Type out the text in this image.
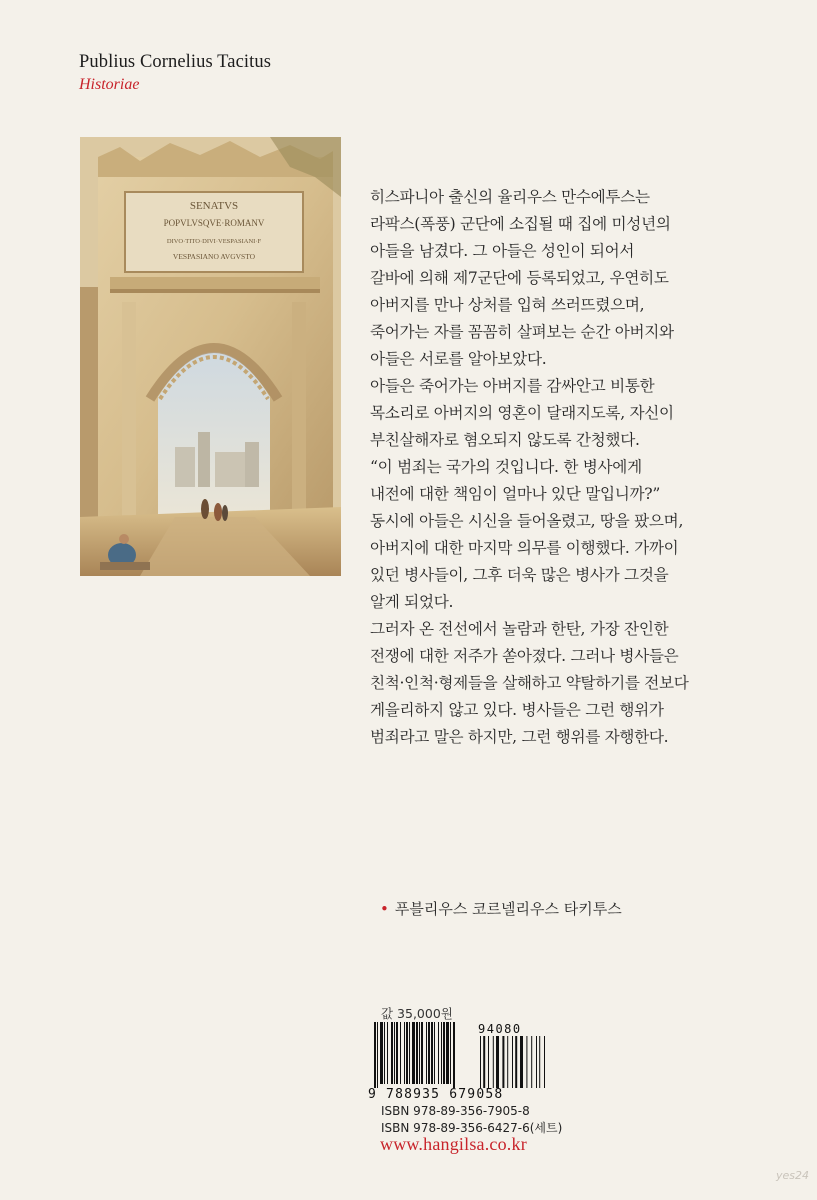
Publius Cornelius Tacitus
Historiae
SENATVS
POPVLVSQVE·ROMANV
DIVO·TITO·DIVI·VESPASIANI·F
VESPASIANO AVGVSTO
히스파니아 출신의 율리우스 만수에투스는
라팍스(폭풍) 군단에 소집될 때 집에 미성년의
아들을 남겼다. 그 아들은 성인이 되어서
갈바에 의해 제7군단에 등록되었고, 우연히도
아버지를 만나 상처를 입혀 쓰러뜨렸으며,
죽어가는 자를 꼼꼼히 살펴보는 순간 아버지와
아들은 서로를 알아보았다.
아들은 죽어가는 아버지를 감싸안고 비통한
목소리로 아버지의 영혼이 달래지도록, 자신이
부친살해자로 혐오되지 않도록 간청했다.
“이 범죄는 국가의 것입니다. 한 병사에게
내전에 대한 책임이 얼마나 있단 말입니까?”
동시에 아들은 시신을 들어올렸고, 땅을 팠으며,
아버지에 대한 마지막 의무를 이행했다. 가까이
있던 병사들이, 그후 더욱 많은 병사가 그것을
알게 되었다.
그러자 온 전선에서 놀람과 한탄, 가장 잔인한
전쟁에 대한 저주가 쏟아졌다. 그러나 병사들은
친척·인척·형제들을 살해하고 약탈하기를 전보다
게을리하지 않고 있다. 병사들은 그런 행위가
범죄라고 말은 하지만, 그런 행위를 자행한다.
• 푸블리우스 코르넬리우스 타키투스
값 35,000원
94080
9 788935 679058
ISBN 978-89-356-7905-8
ISBN 978-89-356-6427-6(세트)
www.hangilsa.co.kr
yes24
